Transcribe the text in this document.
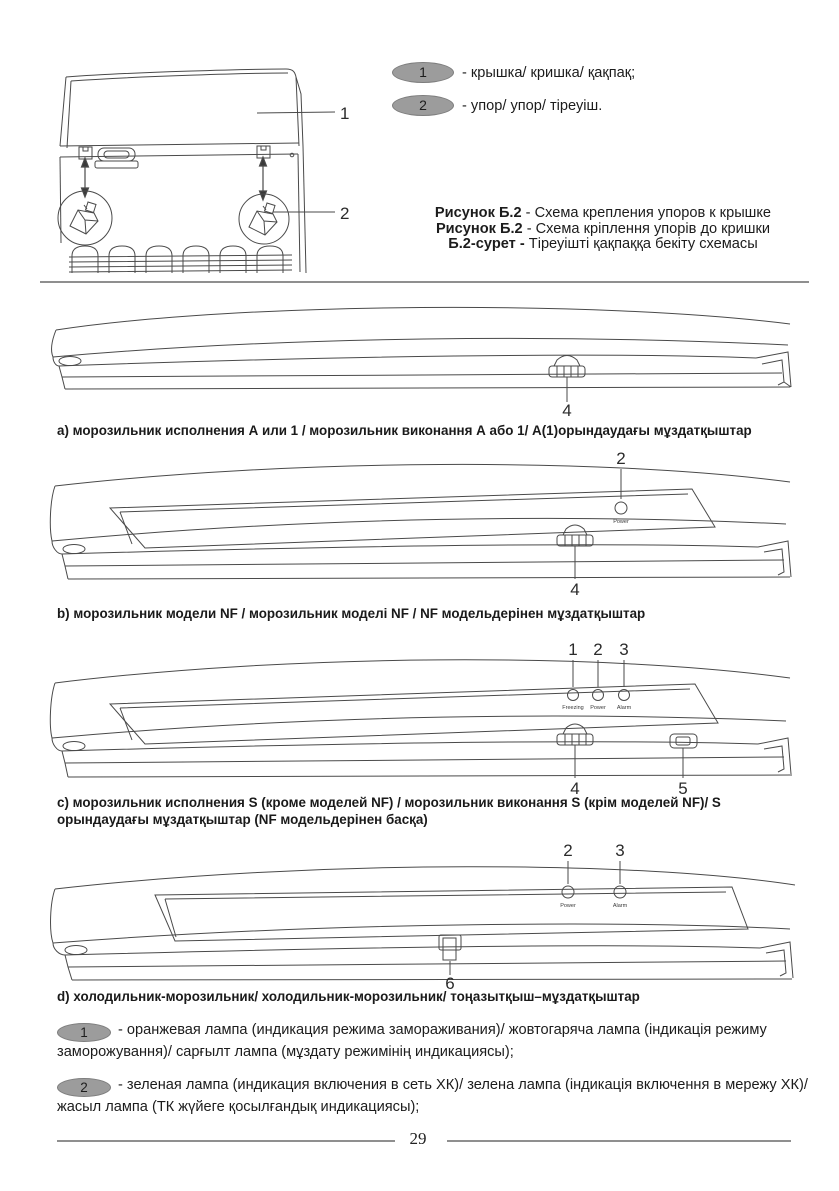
1
2
1	- крышка/ кришка/ қақпақ;
2	- упор/ упор/ тіреуіш.
Рисунок Б.2 - Схема крепления упоров к крышке
Рисунок Б.2 - Схема кріплення упорів до кришки
Б.2-сурет - Тіреуішті қақпаққа бекіту схемасы
4
а) морозильник исполнения А или 1 / морозильник виконання А або 1/ А(1)орындаудағы мұздатқыштар
Power
2
4
b) морозильник модели NF / морозильник моделі NF / NF модельдерінен мұздатқыштар
Freezing Power Alarm
1 2 3
4	5
с) морозильник исполнения S (кроме моделей NF) / морозильник виконання S (крім моделей NF)/ S орындаудағы мұздатқыштар (NF модельдерінен басқа)
Power	Alarm
2	3
6
d) холодильник-морозильник/ холодильник-морозильник/ тоңазытқыш–мұздатқыштар
1 - оранжевая лампа (индикация режима замораживания)/ жовтогаряча лампа (індикація режиму заморожування)/ сарғылт лампа (мұздату режимінің индикациясы);
2 - зеленая лампа (индикация включения в сеть ХК)/ зелена лампа (індикація включення в мережу ХК)/ жасыл лампа (ТК жүйеге қосылғандық индикациясы);
29
